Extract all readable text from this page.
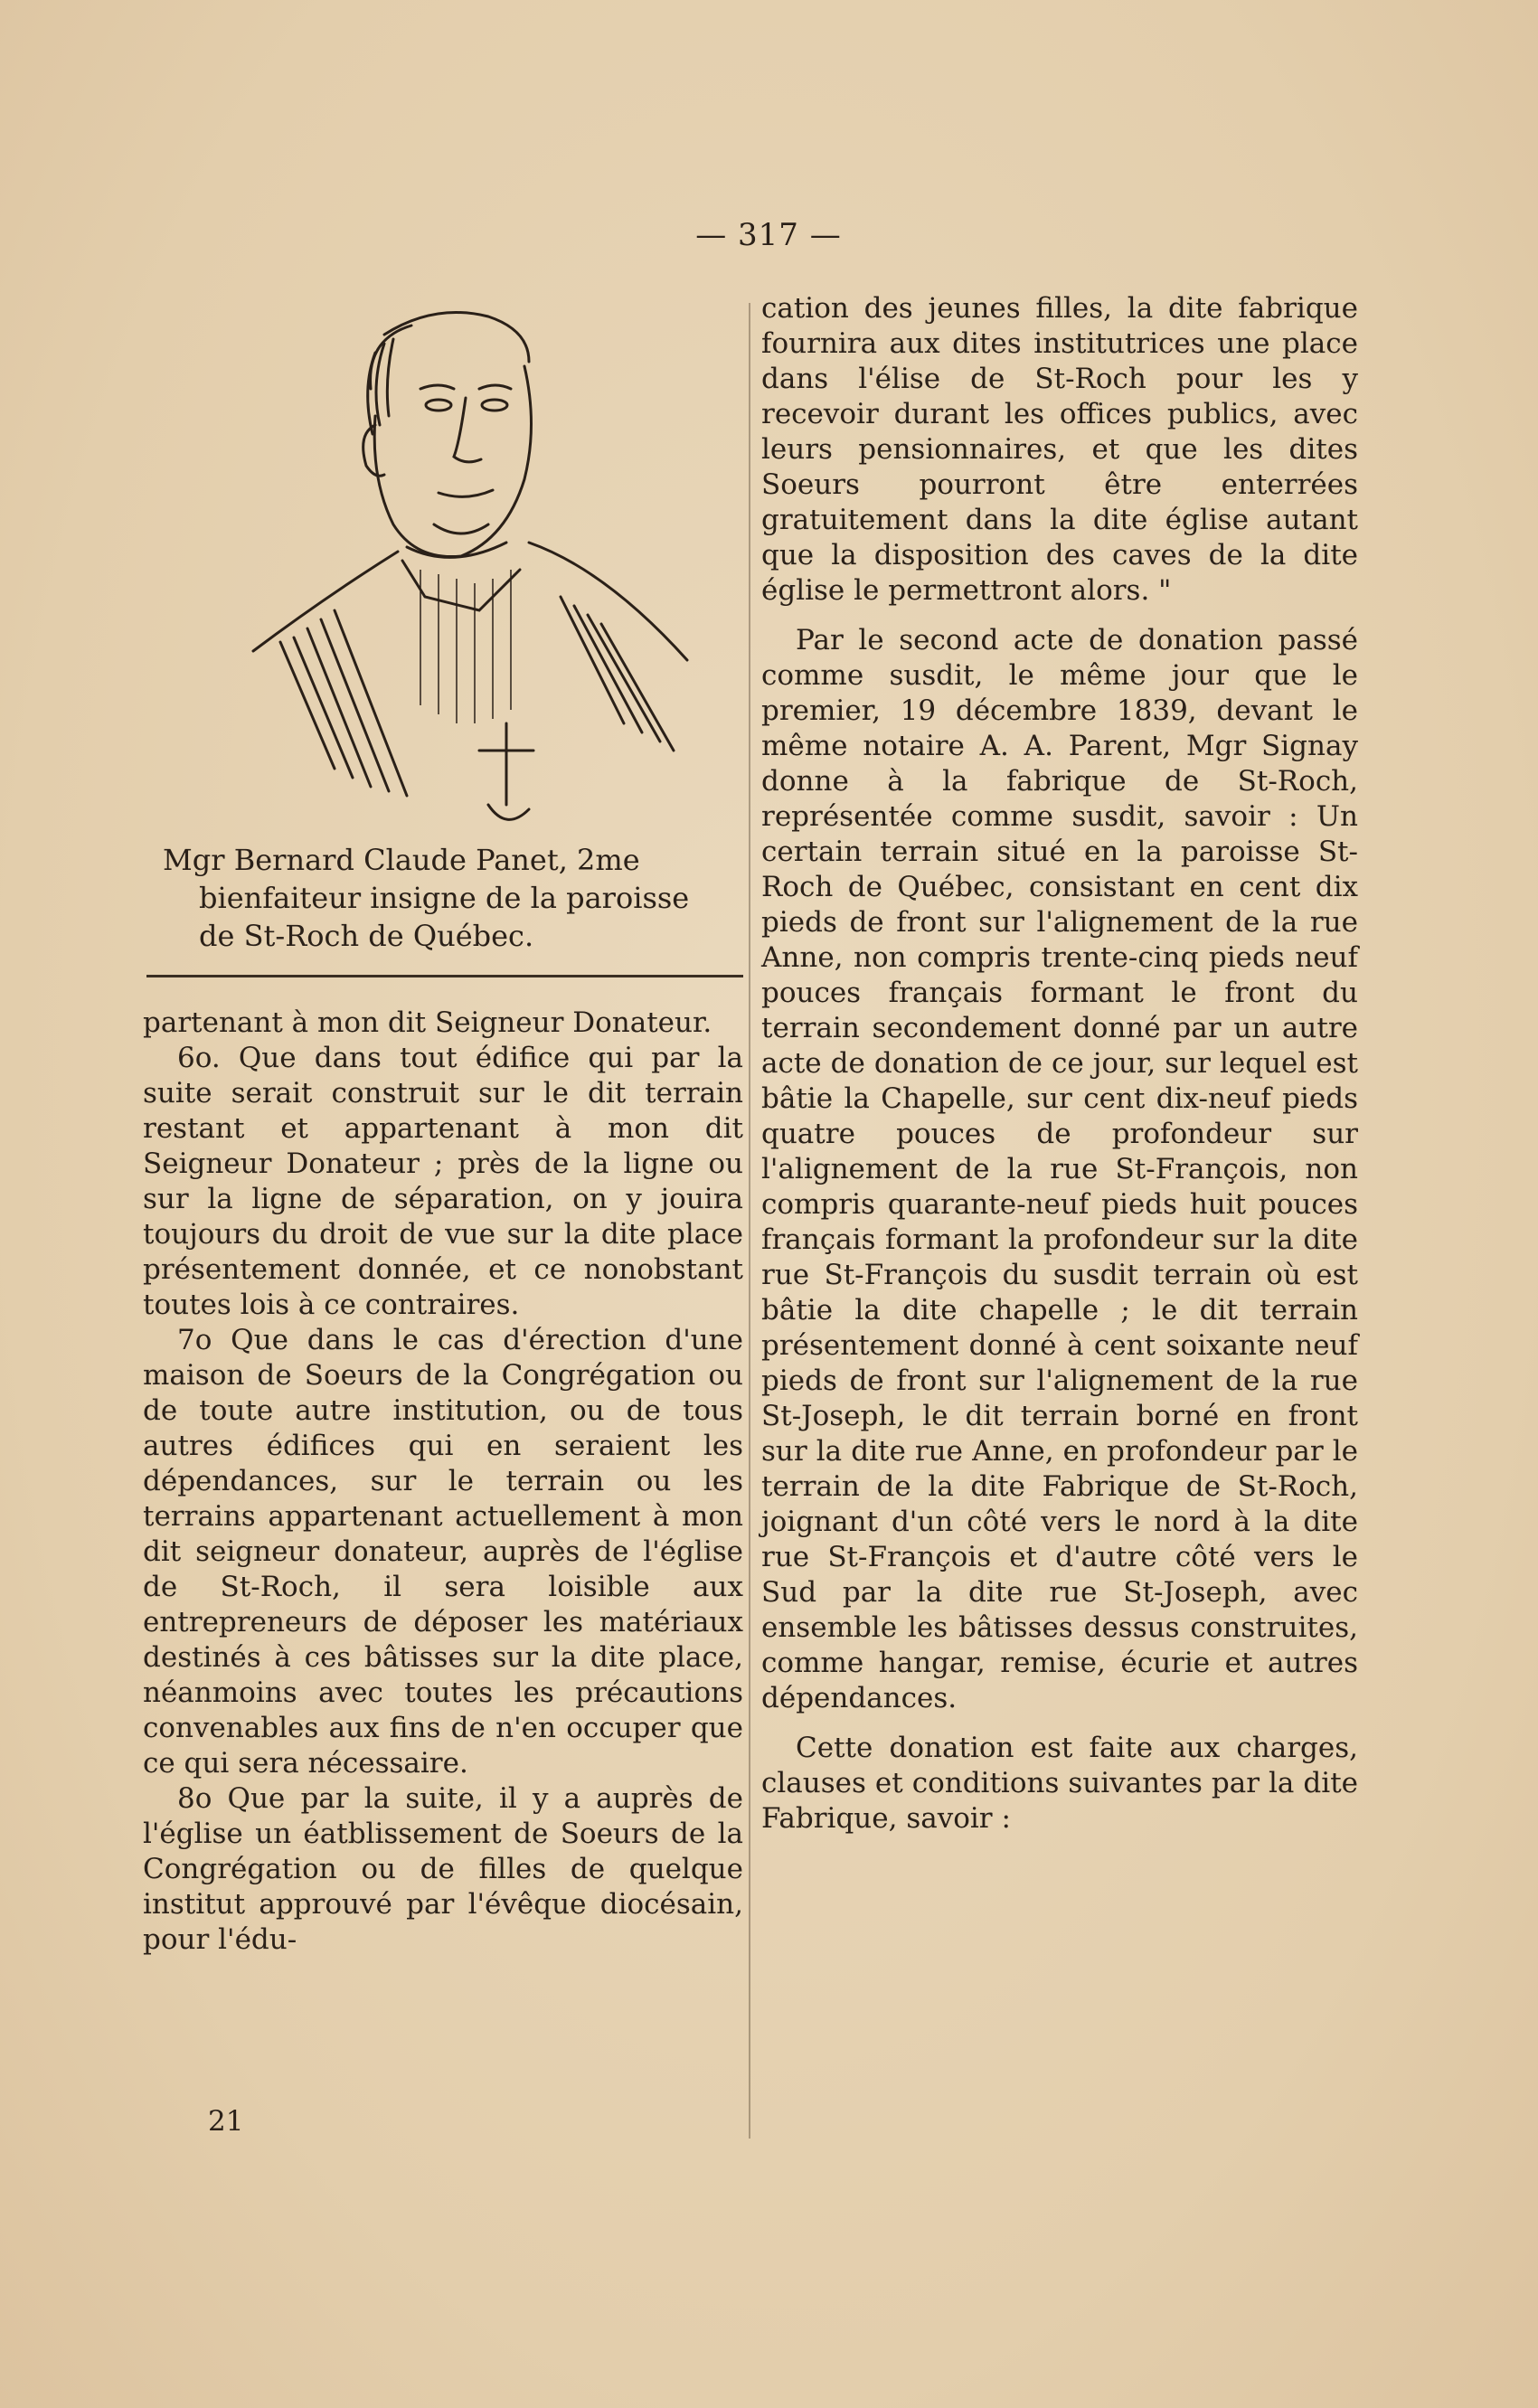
— 317 —

Mgr Bernard Claude Panet, 2me

bienfaiteur insigne de la paroisse

de St-Roch de Québec.

partenant à mon dit Seigneur Donateur.

6o. Que dans tout édifice qui par la suite serait construit sur le dit terrain restant et appartenant à mon dit Seigneur Donateur ; près de la ligne ou sur la ligne de séparation, on y jouira toujours du droit de vue sur la dite place présentement donnée, et ce nonobstant toutes lois à ce contraires.

7o Que dans le cas d'érection d'une maison de Soeurs de la Congrégation ou de toute autre institution, ou de tous autres édifices qui en seraient les dépendances, sur le terrain ou les terrains appartenant actuellement à mon dit seigneur donateur, auprès de l'église de St-Roch, il sera loisible aux entrepreneurs de déposer les matériaux destinés à ces bâtisses sur la dite place, néanmoins avec toutes les précautions convenables aux fins de n'en occuper que ce qui sera nécessaire.

8o Que par la suite, il y a auprès de l'église un éatblissement de Soeurs de la Congrégation ou de filles de quelque institut approuvé par l'évêque diocésain, pour l'édu-

21

cation des jeunes filles, la dite fabrique fournira aux dites institutrices une place dans l'élise de St-Roch pour les y recevoir durant les offices publics, avec leurs pensionnaires, et que les dites Soeurs pourront être enterrées gratuitement dans la dite église autant que la disposition des caves de la dite église le permettront alors. "

Par le second acte de donation passé comme susdit, le même jour que le premier, 19 décembre 1839, devant le même notaire A. A. Parent, Mgr Signay donne à la fabrique de St-Roch, représentée comme susdit, savoir : Un certain terrain situé en la paroisse St-Roch de Québec, consistant en cent dix pieds de front sur l'alignement de la rue Anne, non compris trente-cinq pieds neuf pouces français formant le front du terrain secondement donné par un autre acte de donation de ce jour, sur lequel est bâtie la Chapelle, sur cent dix-neuf pieds quatre pouces de profondeur sur l'alignement de la rue St-François, non compris quarante-neuf pieds huit pouces français formant la profondeur sur la dite rue St-François du susdit terrain où est bâtie la dite chapelle ; le dit terrain présentement donné à cent soixante neuf pieds de front sur l'alignement de la rue St-Joseph, le dit terrain borné en front sur la dite rue Anne, en profondeur par le terrain de la dite Fabrique de St-Roch, joignant d'un côté vers le nord à la dite rue St-François et d'autre côté vers le Sud par la dite rue St-Joseph, avec ensemble les bâtisses dessus construites, comme hangar, remise, écurie et autres dépendances.

Cette donation est faite aux charges, clauses et conditions suivantes par la dite Fabrique, savoir :
